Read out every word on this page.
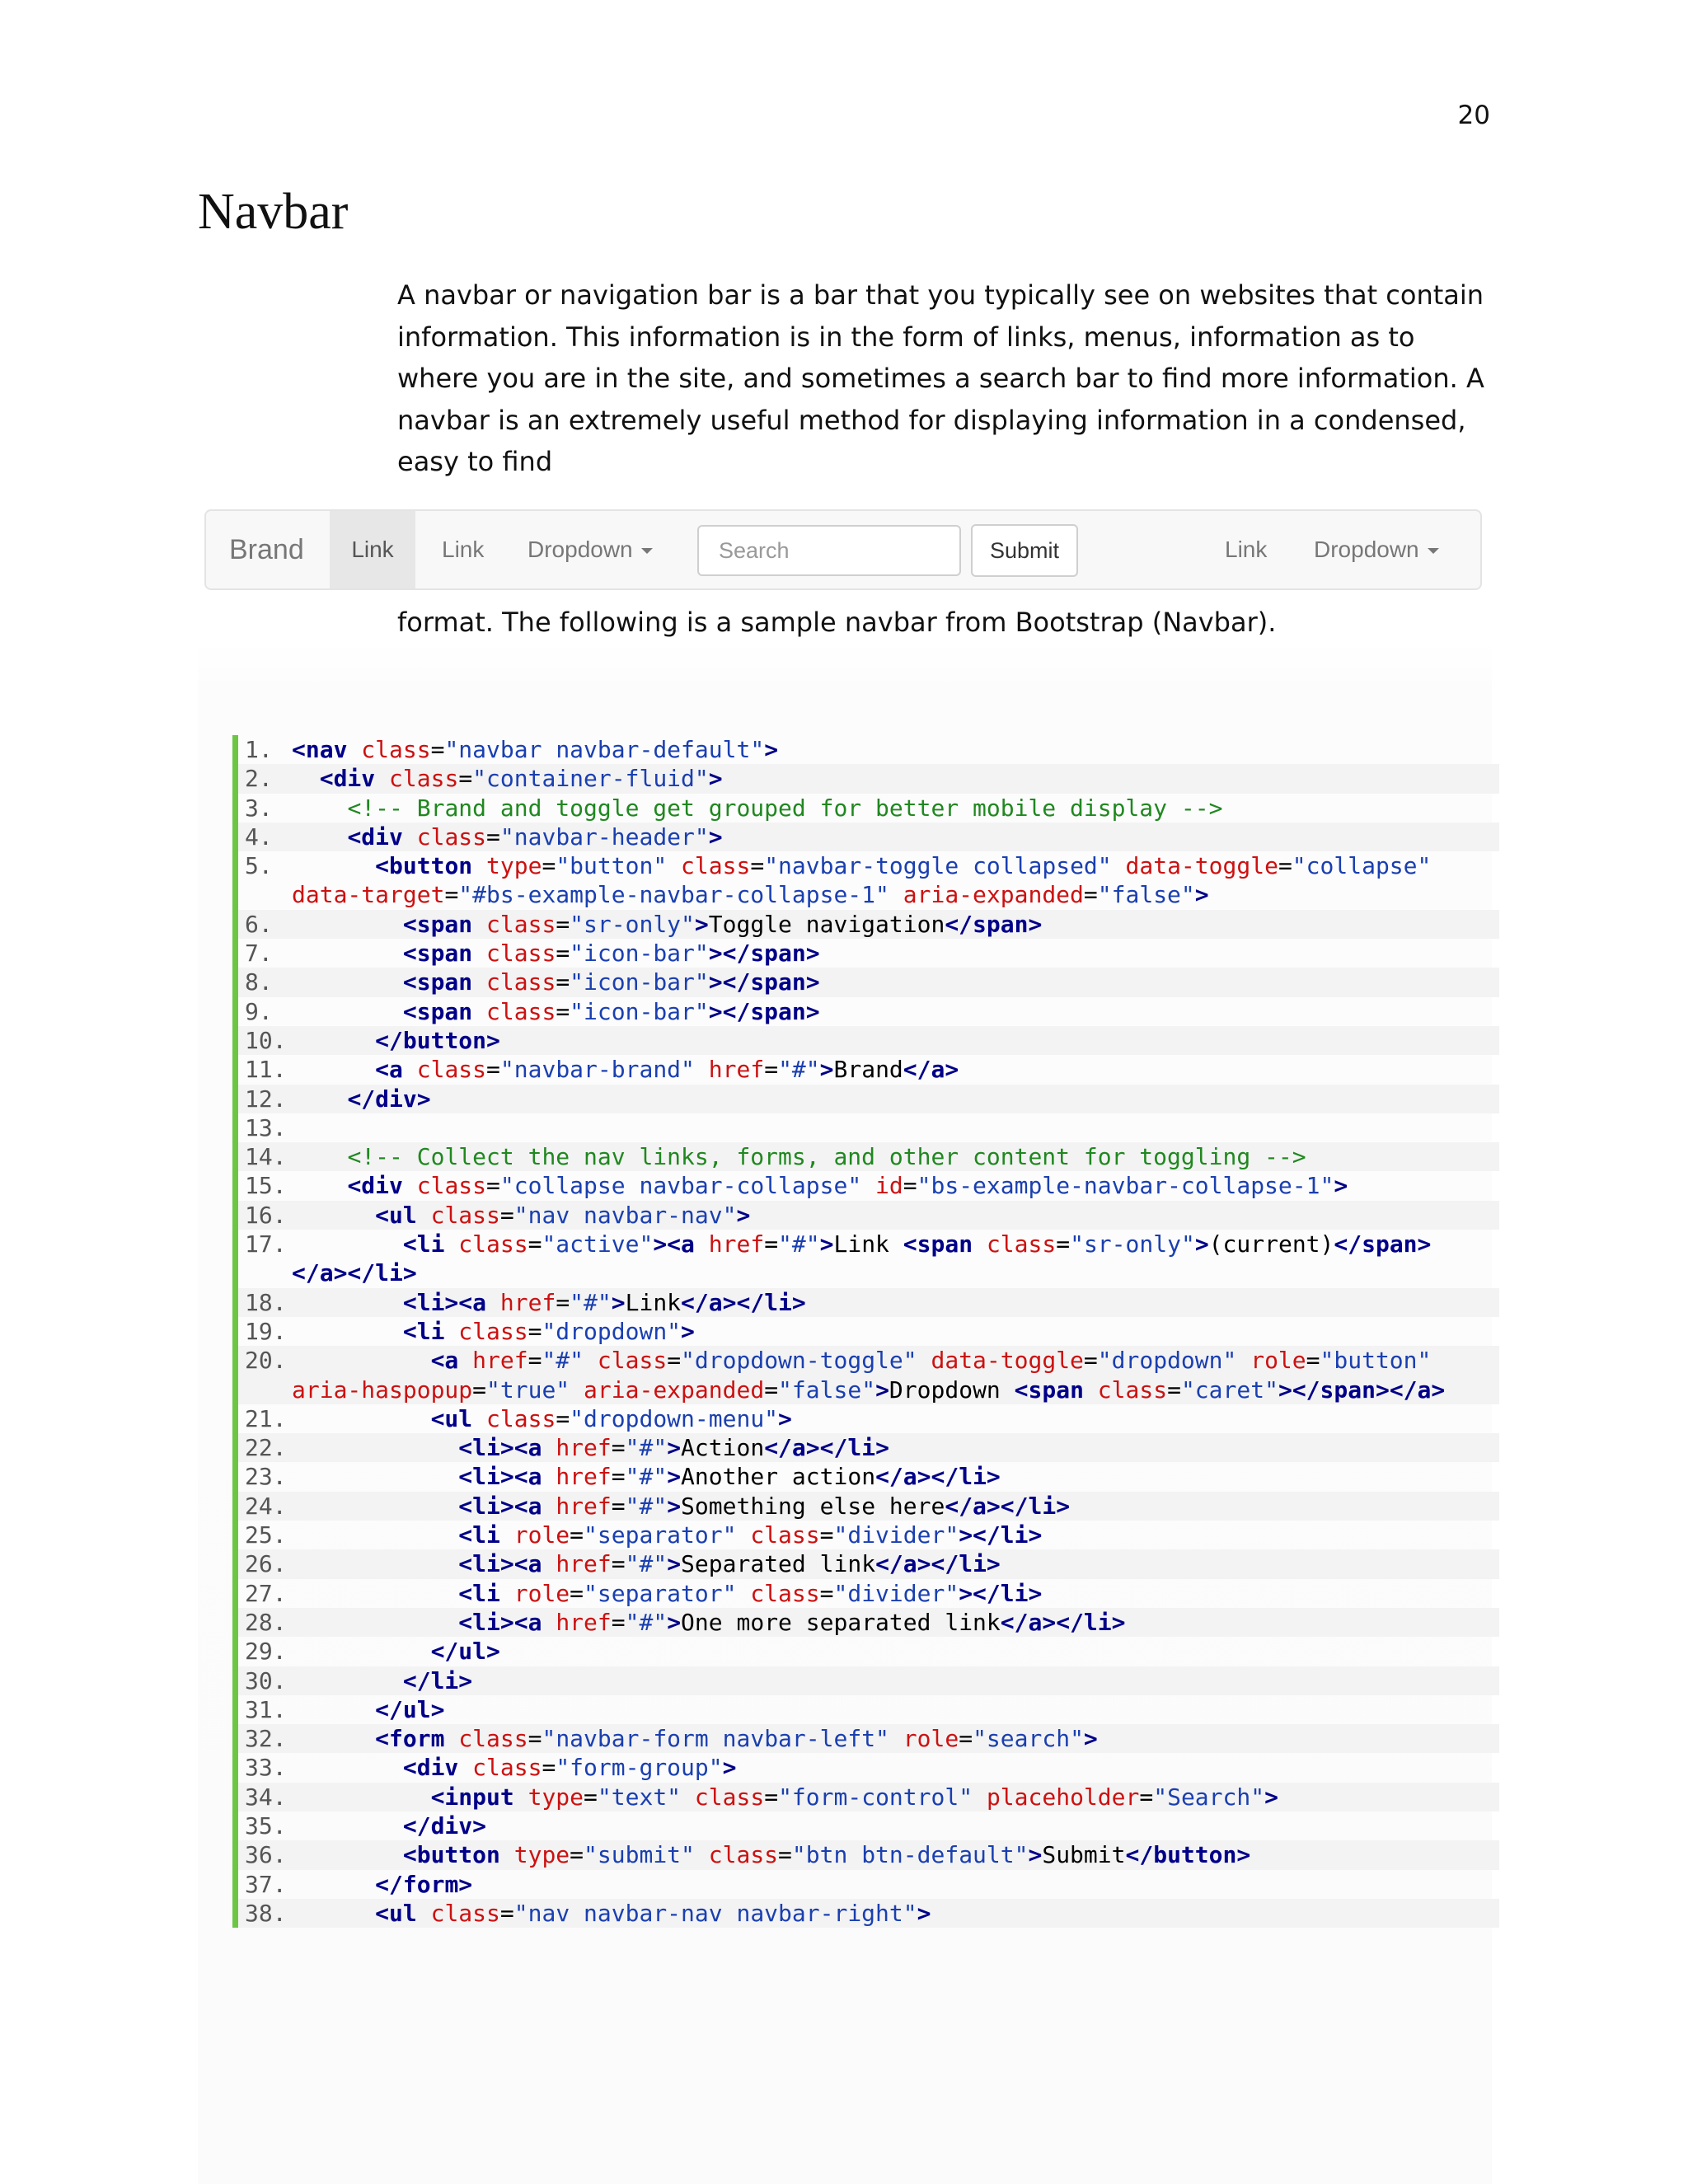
20
Navbar

A navbar or navigation bar is a bar that you typically see on websites that contain information. This information is in the form of links, menus, information as to where you are in the site, and sometimes a search bar to find more information. A navbar is an extremely useful method for displaying information in a condensed, easy to find

Brand	Link	Link Dropdown	Search	Submit	Link Dropdown

format. The following is a sample navbar from Bootstrap (Navbar).

1. <nav class="navbar navbar-default">
2.	<div class="container-fluid">
3.	<!-- Brand and toggle get grouped for better mobile display -->
4.	<div class="navbar-header">
5.	<button type="button" class="navbar-toggle collapsed" data-toggle="collapse" data-target="#bs-example-navbar-collapse-1" aria-expanded="false">
6.	<span class="sr-only">Toggle navigation</span>
7.	<span class="icon-bar"></span>
8.	<span class="icon-bar"></span>
9.	<span class="icon-bar"></span>
10.	</button>
11.	<a class="navbar-brand" href="#">Brand</a>
12.	</div>
13.
14.	<!-- Collect the nav links, forms, and other content for toggling -->
15.	<div class="collapse navbar-collapse" id="bs-example-navbar-collapse-1">
16.	<ul class="nav navbar-nav">
17.	<li class="active"><a href="#">Link <span class="sr-only">(current)</span></a></li>
18.	<li><a href="#">Link</a></li>
19.	<li class="dropdown">
20.	<a href="#" class="dropdown-toggle" data-toggle="dropdown" role="button" aria-haspopup="true" aria-expanded="false">Dropdown <span class="caret"></span></a>
21.	<ul class="dropdown-menu">
22.	<li><a href="#">Action</a></li>
23.	<li><a href="#">Another action</a></li>
24.	<li><a href="#">Something else here</a></li>
25.	<li role="separator" class="divider"></li>
26.	<li><a href="#">Separated link</a></li>
27.	<li role="separator" class="divider"></li>
28.	<li><a href="#">One more separated link</a></li>
29.	</ul>
30.	</li>
31.	</ul>
32.	<form class="navbar-form navbar-left" role="search">
33.	<div class="form-group">
34.	<input type="text" class="form-control" placeholder="Search">
35.	</div>
36.	<button type="submit" class="btn btn-default">Submit</button>
37.	</form>
38.	<ul class="nav navbar-nav navbar-right">
